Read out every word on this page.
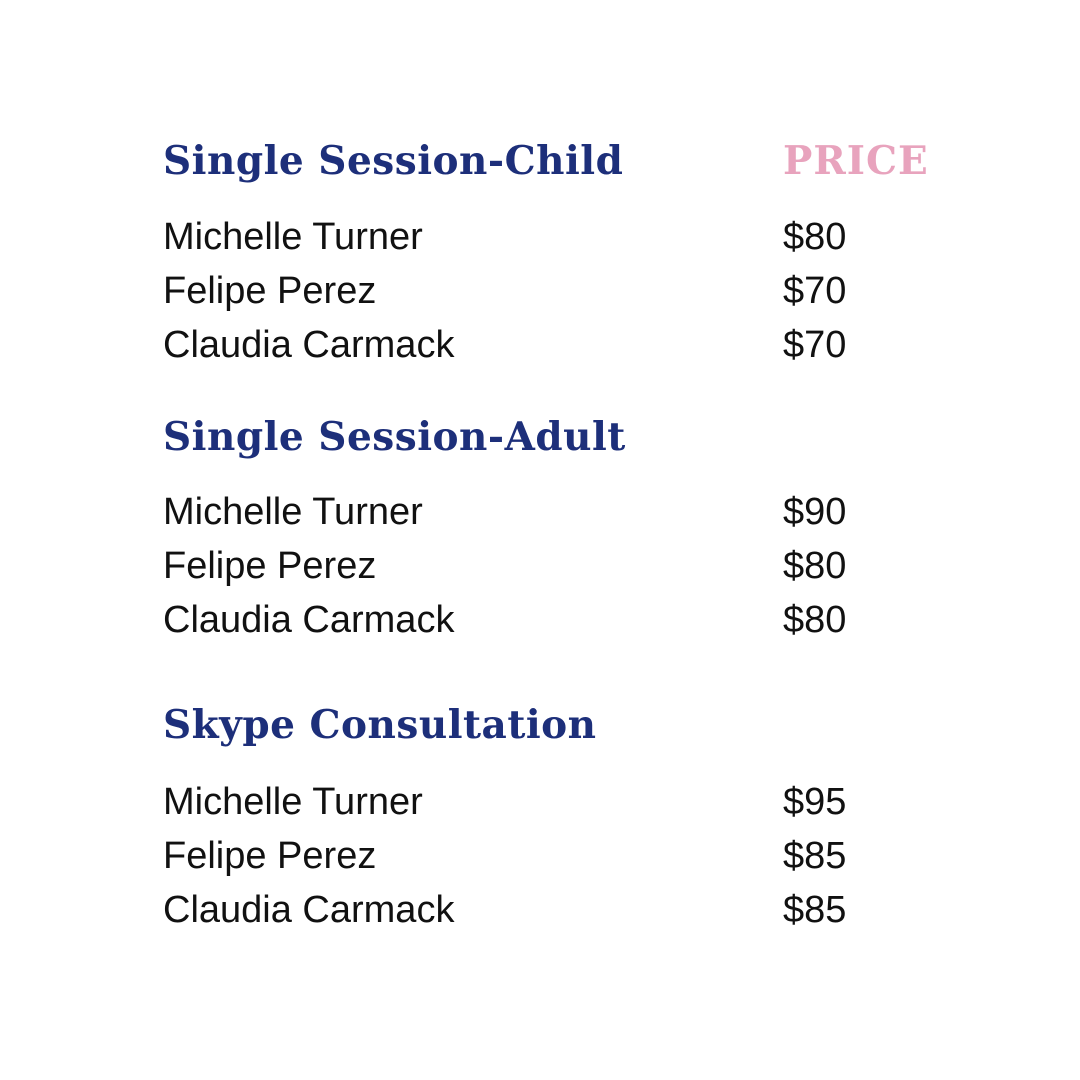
Single Session-Child	PRICE
Michelle Turner	$80
Felipe Perez	$70
Claudia Carmack	$70
Single Session-Adult
Michelle Turner	$90
Felipe Perez	$80
Claudia Carmack	$80
Skype Consultation
Michelle Turner	$95
Felipe Perez	$85
Claudia Carmack	$85
